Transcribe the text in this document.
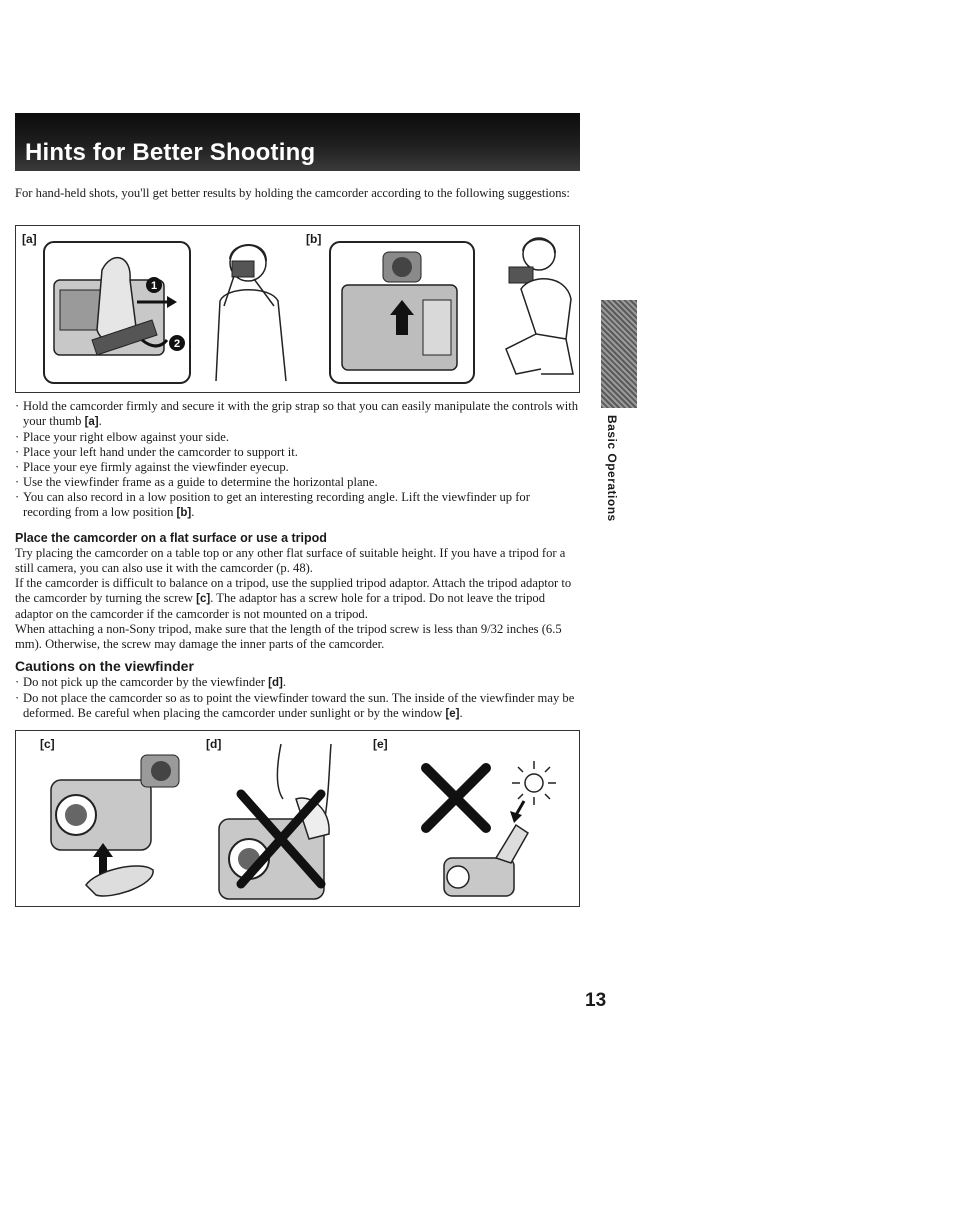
Hints for Better Shooting
For hand-held shots, you'll get better results by holding the camcorder according to the following suggestions:
[a]	[b]
1
2
· Hold the camcorder firmly and secure it with the grip strap so that you can easily manipulate the controls with your thumb [a].
· Place your right elbow against your side.
· Place your left hand under the camcorder to support it.
· Place your eye firmly against the viewfinder eyecup.
· Use the viewfinder frame as a guide to determine the horizontal plane.
· You can also record in a low position to get an interesting recording angle. Lift the viewfinder up for recording from a low position [b].
Place the camcorder on a flat surface or use a tripod

Try placing the camcorder on a table top or any other flat surface of suitable height. If you have a tripod for a still camera, you can also use it with the camcorder (p. 48).

If the camcorder is difficult to balance on a tripod, use the supplied tripod adaptor. Attach the tripod adaptor to the camcorder by turning the screw [c]. The adaptor has a screw hole for a tripod. Do not leave the tripod adaptor on the camcorder if the camcorder is not mounted on a tripod.

When attaching a non-Sony tripod, make sure that the length of the tripod screw is less than 9/32 inches (6.5 mm). Otherwise, the screw may damage the inner parts of the camcorder.

Cautions on the viewfinder
· Do not pick up the camcorder by the viewfinder [d].
· Do not place the camcorder so as to point the viewfinder toward the sun. The inside of the viewfinder may be deformed. Be careful when placing the camcorder under sunlight or by the window [e].
[c]	[d]	[e]
Basic Operations
13
